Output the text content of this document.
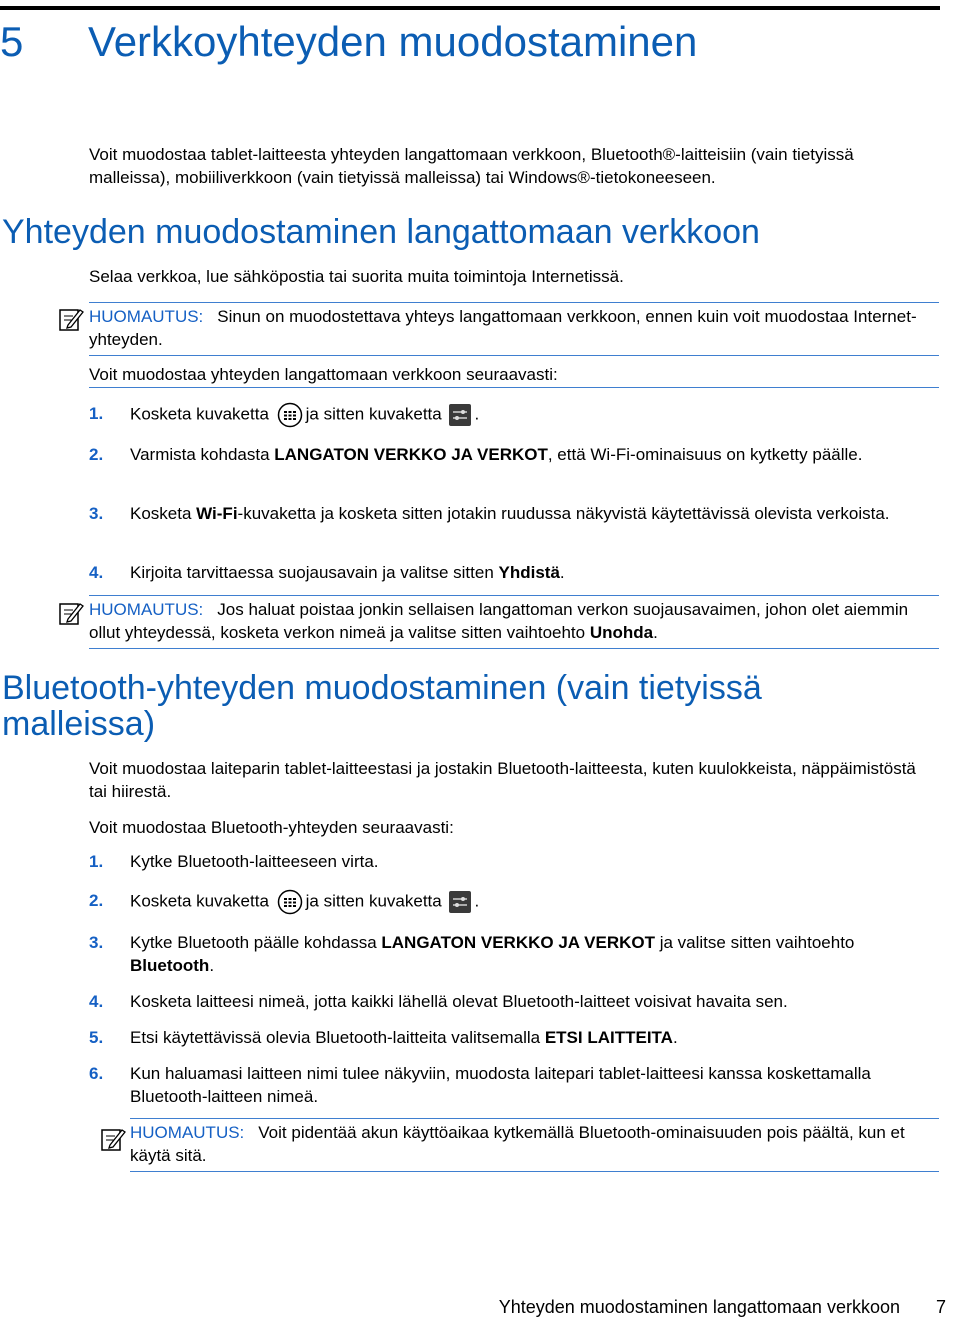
5 Verkkoyhteyden muodostaminen
Voit muodostaa tablet-laitteesta yhteyden langattomaan verkkoon, Bluetooth®-laitteisiin (vain tietyissä malleissa), mobiiliverkkoon (vain tietyissä malleissa) tai Windows®-tietokoneeseen.
Yhteyden muodostaminen langattomaan verkkoon
Selaa verkkoa, lue sähköpostia tai suorita muita toimintoja Internetissä.
HUOMAUTUS: Sinun on muodostettava yhteys langattomaan verkkoon, ennen kuin voit muodostaa Internet-yhteyden.
Voit muodostaa yhteyden langattomaan verkkoon seuraavasti:
1. Kosketa kuvaketta ja sitten kuvaketta .
2. Varmista kohdasta LANGATON VERKKO JA VERKOT, että Wi-Fi-ominaisuus on kytketty päälle.
3. Kosketa Wi-Fi-kuvaketta ja kosketa sitten jotakin ruudussa näkyvistä käytettävissä olevista verkoista.
4. Kirjoita tarvittaessa suojausavain ja valitse sitten Yhdistä.
HUOMAUTUS: Jos haluat poistaa jonkin sellaisen langattoman verkon suojausavaimen, johon olet aiemmin ollut yhteydessä, kosketa verkon nimeä ja valitse sitten vaihtoehto Unohda.
Bluetooth-yhteyden muodostaminen (vain tietyissä
malleissa)
Voit muodostaa laiteparin tablet-laitteestasi ja jostakin Bluetooth-laitteesta, kuten kuulokkeista, näppäimistöstä tai hiirestä.
Voit muodostaa Bluetooth-yhteyden seuraavasti:
1. Kytke Bluetooth-laitteeseen virta.
2. Kosketa kuvaketta ja sitten kuvaketta .
3. Kytke Bluetooth päälle kohdassa LANGATON VERKKO JA VERKOT ja valitse sitten vaihtoehto Bluetooth.
4. Kosketa laitteesi nimeä, jotta kaikki lähellä olevat Bluetooth-laitteet voisivat havaita sen.
5. Etsi käytettävissä olevia Bluetooth-laitteita valitsemalla ETSI LAITTEITA.
6. Kun haluamasi laitteen nimi tulee näkyviin, muodosta laitepari tablet-laitteesi kanssa koskettamalla Bluetooth-laitteen nimeä.
HUOMAUTUS: Voit pidentää akun käyttöaikaa kytkemällä Bluetooth-ominaisuuden pois päältä, kun et käytä sitä.
Yhteyden muodostaminen langattomaan verkkoon 7
